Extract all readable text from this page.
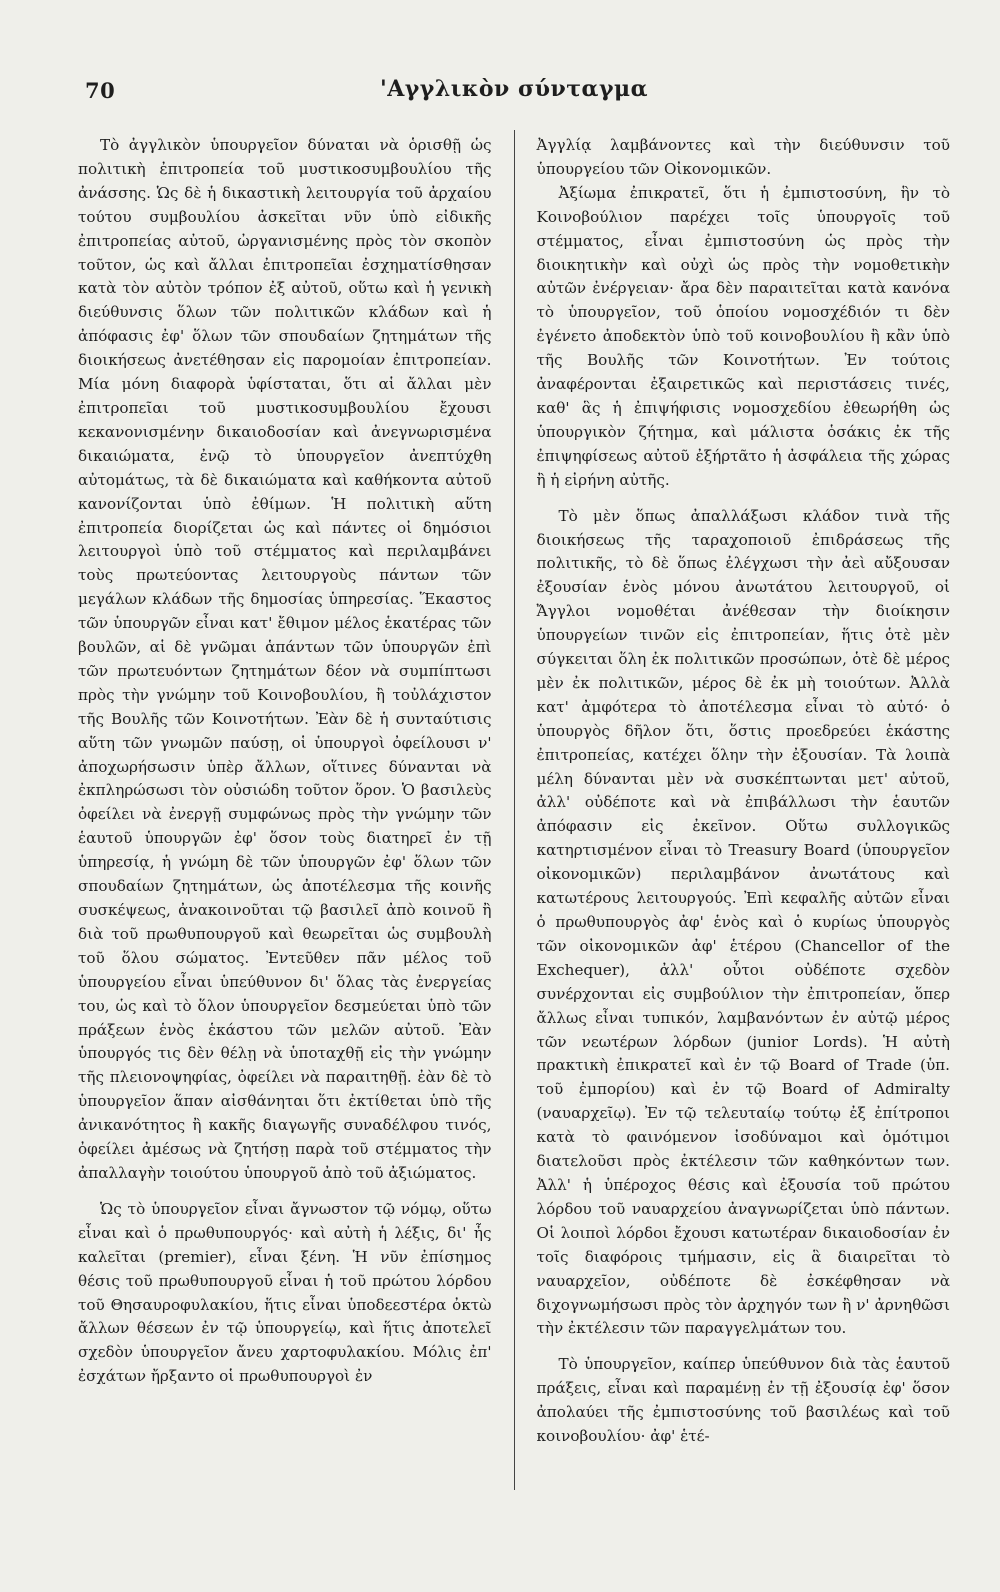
70	'Αγγλικὸν σύνταγμα

Τὸ ἀγγλικὸν ὑπουργεῖον δύναται νὰ ὁρισθῇ ὡς πολιτικὴ ἐπιτροπεία τοῦ μυστικοσυμβουλίου τῆς ἀνάσσης. Ὡς δὲ ἡ δικαστικὴ λειτουργία τοῦ ἀρχαίου τούτου συμβουλίου ἀσκεῖται νῦν ὑπὸ εἰδικῆς ἐπιτροπείας αὐτοῦ, ὠργανισμένης πρὸς τὸν σκοπὸν τοῦτον, ὡς καὶ ἄλλαι ἐπιτροπεῖαι ἐσχηματίσθησαν κατὰ τὸν αὐτὸν τρόπον ἐξ αὐτοῦ, οὕτω καὶ ἡ γενικὴ διεύθυνσις ὅλων τῶν πολιτικῶν κλάδων καὶ ἡ ἀπόφασις ἐφ' ὅλων τῶν σπουδαίων ζητημάτων τῆς διοικήσεως ἀνετέθησαν εἰς παρομοίαν ἐπιτροπείαν. Μία μόνη διαφορὰ ὑφίσταται, ὅτι αἱ ἄλλαι μὲν ἐπιτροπεῖαι τοῦ μυστικοσυμβουλίου ἔχουσι κεκανονισμένην δικαιοδοσίαν καὶ ἀνεγνωρισμένα δικαιώματα, ἐνῷ τὸ ὑπουργεῖον ἀνεπτύχθη αὐτομάτως, τὰ δὲ δικαιώματα καὶ καθήκοντα αὐτοῦ κανονίζονται ὑπὸ ἐθίμων. Ἡ πολιτικὴ αὕτη ἐπιτροπεία διορίζεται ὡς καὶ πάντες οἱ δημόσιοι λειτουργοὶ ὑπὸ τοῦ στέμματος καὶ περιλαμβάνει τοὺς πρωτεύοντας λειτουργοὺς πάντων τῶν μεγάλων κλάδων τῆς δημοσίας ὑπηρεσίας. Ἕκαστος τῶν ὑπουργῶν εἶναι κατ' ἔθιμον μέλος ἑκατέρας τῶν βουλῶν, αἱ δὲ γνῶμαι ἁπάντων τῶν ὑπουργῶν ἐπὶ τῶν πρωτευόντων ζητημάτων δέον νὰ συμπίπτωσι πρὸς τὴν γνώμην τοῦ Κοινοβουλίου, ἢ τοὐλάχιστον τῆς Βουλῆς τῶν Κοινοτήτων. Ἐὰν δὲ ἡ συνταύτισις αὕτη τῶν γνωμῶν παύσῃ, οἱ ὑπουργοὶ ὀφείλουσι ν' ἀποχωρήσωσιν ὑπὲρ ἄλλων, οἵτινες δύνανται νὰ ἐκπληρώσωσι τὸν οὐσιώδη τοῦτον ὅρον. Ὁ βασιλεὺς ὀφείλει νὰ ἐνεργῇ συμφώνως πρὸς τὴν γνώμην τῶν ἑαυτοῦ ὑπουργῶν ἐφ' ὅσον τοὺς διατηρεῖ ἐν τῇ ὑπηρεσίᾳ, ἡ γνώμη δὲ τῶν ὑπουργῶν ἐφ' ὅλων τῶν σπουδαίων ζητημάτων, ὡς ἀποτέλεσμα τῆς κοινῆς συσκέψεως, ἀνακοινοῦται τῷ βασιλεῖ ἀπὸ κοινοῦ ἢ διὰ τοῦ πρωθυπουργοῦ καὶ θεωρεῖται ὡς συμβουλὴ τοῦ ὅλου σώματος. Ἐντεῦθεν πᾶν μέλος τοῦ ὑπουργείου εἶναι ὑπεύθυνον δι' ὅλας τὰς ἐνεργείας του, ὡς καὶ τὸ ὅλον ὑπουργεῖον δεσμεύεται ὑπὸ τῶν πράξεων ἑνὸς ἑκάστου τῶν μελῶν αὐτοῦ. Ἐὰν ὑπουργός τις δὲν θέλῃ νὰ ὑποταχθῇ εἰς τὴν γνώμην τῆς πλειονοψηφίας, ὀφείλει νὰ παραιτηθῇ. ἐὰν δὲ τὸ ὑπουργεῖον ἅπαν αἰσθάνηται ὅτι ἐκτίθεται ὑπὸ τῆς ἀνικανότητος ἢ κακῆς διαγωγῆς συναδέλφου τινός, ὀφείλει ἀμέσως νὰ ζητήσῃ παρὰ τοῦ στέμματος τὴν ἀπαλλαγὴν τοιούτου ὑπουργοῦ ἀπὸ τοῦ ἀξιώματος.

Ὡς τὸ ὑπουργεῖον εἶναι ἄγνωστον τῷ νόμῳ, οὕτω εἶναι καὶ ὁ πρωθυπουργός· καὶ αὐτὴ ἡ λέξις, δι' ἧς καλεῖται (premier), εἶναι ξένη. Ἡ νῦν ἐπίσημος θέσις τοῦ πρωθυπουργοῦ εἶναι ἡ τοῦ πρώτου λόρδου τοῦ Θησαυροφυλακίου, ἥτις εἶναι ὑποδεεστέρα ὀκτὼ ἄλλων θέσεων ἐν τῷ ὑπουργείῳ, καὶ ἥτις ἀποτελεῖ σχεδὸν ὑπουργεῖον ἄνευ χαρτοφυλακίου. Μόλις ἐπ' ἐσχάτων ἤρξαντο οἱ πρωθυπουργοὶ ἐν

Ἀγγλίᾳ λαμβάνοντες καὶ τὴν διεύθυνσιν τοῦ ὑπουργείου τῶν Οἰκονομικῶν.

Ἀξίωμα ἐπικρατεῖ, ὅτι ἡ ἐμπιστοσύνη, ἣν τὸ Κοινοβούλιον παρέχει τοῖς ὑπουργοῖς τοῦ στέμματος, εἶναι ἐμπιστοσύνη ὡς πρὸς τὴν διοικητικὴν καὶ οὐχὶ ὡς πρὸς τὴν νομοθετικὴν αὐτῶν ἐνέργειαν· ἄρα δὲν παραιτεῖται κατὰ κανόνα τὸ ὑπουργεῖον, τοῦ ὁποίου νομοσχέδιόν τι δὲν ἐγένετο ἀποδεκτὸν ὑπὸ τοῦ κοινοβουλίου ἢ κἂν ὑπὸ τῆς Βουλῆς τῶν Κοινοτήτων. Ἐν τούτοις ἀναφέρονται ἐξαιρετικῶς καὶ περιστάσεις τινές, καθ' ἃς ἡ ἐπιψήφισις νομοσχεδίου ἐθεωρήθη ὡς ὑπουργικὸν ζήτημα, καὶ μάλιστα ὁσάκις ἐκ τῆς ἐπιψηφίσεως αὐτοῦ ἐξήρτᾶτο ἡ ἀσφάλεια τῆς χώρας ἢ ἡ εἰρήνη αὐτῆς.

Τὸ μὲν ὅπως ἀπαλλάξωσι κλάδον τινὰ τῆς διοικήσεως τῆς ταραχοποιοῦ ἐπιδράσεως τῆς πολιτικῆς, τὸ δὲ ὅπως ἐλέγχωσι τὴν ἀεὶ αὔξουσαν ἐξουσίαν ἑνὸς μόνου ἀνωτάτου λειτουργοῦ, οἱ Ἄγγλοι νομοθέται ἀνέθεσαν τὴν διοίκησιν ὑπουργείων τινῶν εἰς ἐπιτροπείαν, ἥτις ὁτὲ μὲν σύγκειται ὅλη ἐκ πολιτικῶν προσώπων, ὁτὲ δὲ μέρος μὲν ἐκ πολιτικῶν, μέρος δὲ ἐκ μὴ τοιούτων. Ἀλλὰ κατ' ἀμφότερα τὸ ἀποτέλεσμα εἶναι τὸ αὐτό· ὁ ὑπουργὸς δῆλον ὅτι, ὅστις προεδρεύει ἑκάστης ἐπιτροπείας, κατέχει ὅλην τὴν ἐξουσίαν. Τὰ λοιπὰ μέλη δύνανται μὲν νὰ συσκέπτωνται μετ' αὐτοῦ, ἀλλ' οὐδέποτε καὶ νὰ ἐπιβάλλωσι τὴν ἑαυτῶν ἀπόφασιν εἰς ἐκεῖνον. Οὕτω συλλογικῶς κατηρτισμένον εἶναι τὸ Treasury Board (ὑπουργεῖον οἰκονομικῶν) περιλαμβάνον ἀνωτάτους καὶ κατωτέρους λειτουργούς. Ἐπὶ κεφαλῆς αὐτῶν εἶναι ὁ πρωθυπουργὸς ἀφ' ἑνὸς καὶ ὁ κυρίως ὑπουργὸς τῶν οἰκονομικῶν ἀφ' ἑτέρου (Chancellor of the Exchequer), ἀλλ' οὗτοι οὐδέποτε σχεδὸν συνέρχονται εἰς συμβούλιον τὴν ἐπιτροπείαν, ὅπερ ἄλλως εἶναι τυπικόν, λαμβανόντων ἐν αὐτῷ μέρος τῶν νεωτέρων λόρδων (junior Lords). Ἡ αὐτὴ πρακτικὴ ἐπικρατεῖ καὶ ἐν τῷ Board of Trade (ὑπ. τοῦ ἐμπορίου) καὶ ἐν τῷ Board of Admiralty (ναυαρχεῖῳ). Ἐν τῷ τελευταίῳ τούτῳ ἐξ ἐπίτροποι κατὰ τὸ φαινόμενον ἰσοδύναμοι καὶ ὁμότιμοι διατελοῦσι πρὸς ἐκτέλεσιν τῶν καθηκόντων των. Ἀλλ' ἡ ὑπέροχος θέσις καὶ ἐξουσία τοῦ πρώτου λόρδου τοῦ ναυαρχείου ἀναγνωρίζεται ὑπὸ πάντων. Οἱ λοιποὶ λόρδοι ἔχουσι κατωτέραν δικαιοδοσίαν ἐν τοῖς διαφόροις τμήμασιν, εἰς ἃ διαιρεῖται τὸ ναυαρχεῖον, οὐδέποτε δὲ ἐσκέφθησαν νὰ διχογνωμήσωσι πρὸς τὸν ἀρχηγόν των ἢ ν' ἀρνηθῶσι τὴν ἐκτέλεσιν τῶν παραγγελμάτων του.

Τὸ ὑπουργεῖον, καίπερ ὑπεύθυνον διὰ τὰς ἑαυτοῦ πράξεις, εἶναι καὶ παραμένῃ ἐν τῇ ἐξουσίᾳ ἐφ' ὅσον ἀπολαύει τῆς ἐμπιστοσύνης τοῦ βασιλέως καὶ τοῦ κοινοβουλίου· ἀφ' ἑτέ-
